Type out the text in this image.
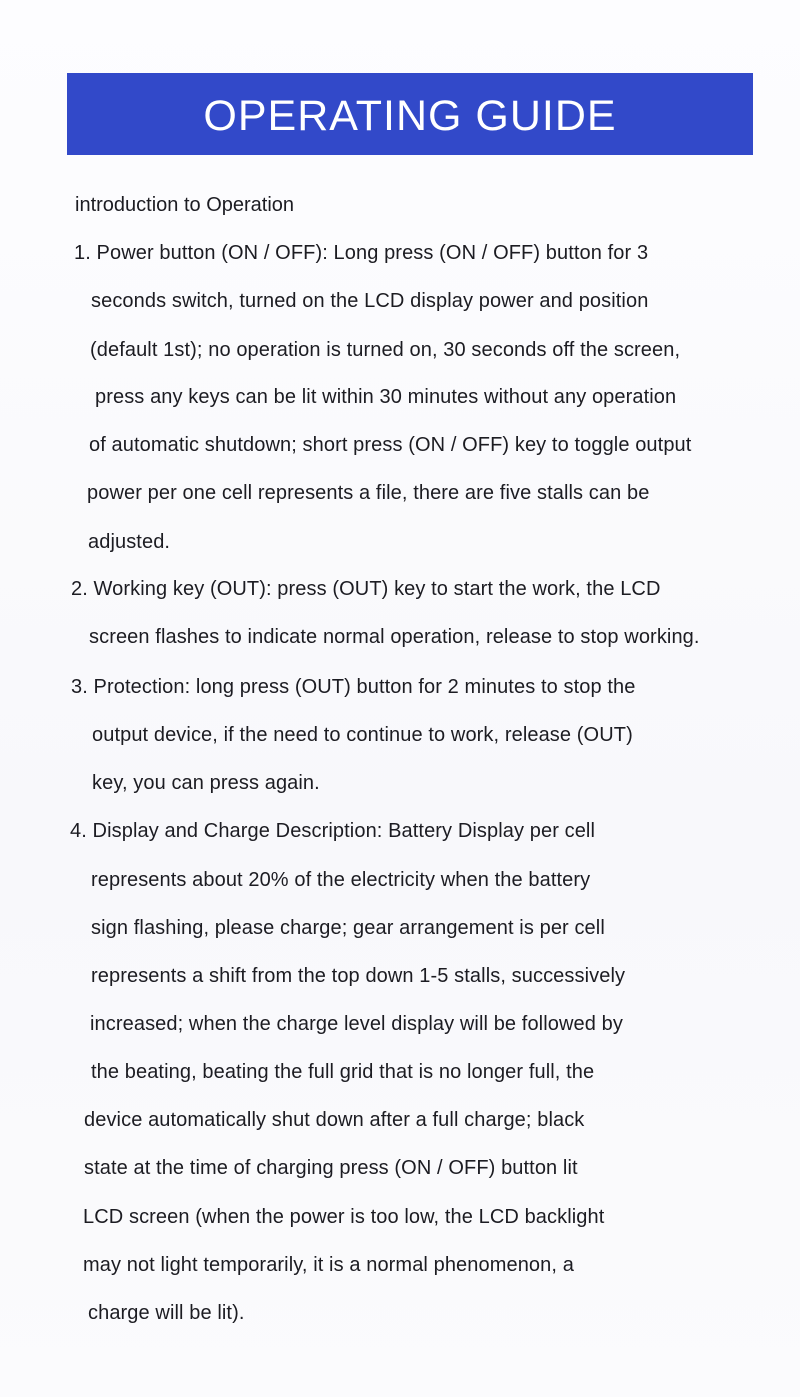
OPERATING GUIDE
introduction to Operation
1. Power button (ON / OFF): Long press (ON / OFF) button for 3
seconds switch, turned on the LCD display power and position
(default 1st); no operation is turned on, 30 seconds off the screen,
press any keys can be lit within 30 minutes without any operation
of automatic shutdown; short press (ON / OFF) key to toggle output
power per one cell represents a file, there are five stalls can be
adjusted.
2. Working key (OUT): press (OUT) key to start the work, the LCD
screen flashes to indicate normal operation, release to stop working.
3. Protection: long press (OUT) button for 2 minutes to stop the
output device, if the need to continue to work, release (OUT)
key, you can press again.
4. Display and Charge Description: Battery Display per cell
represents about 20% of the electricity when the battery
sign flashing, please charge; gear arrangement is per cell
represents a shift from the top down 1-5 stalls, successively
increased; when the charge level display will be followed by
the beating, beating the full grid that is no longer full, the
device automatically shut down after a full charge; black
state at the time of charging press (ON / OFF) button lit
LCD screen (when the power is too low, the LCD backlight
may not light temporarily, it is a normal phenomenon, a
charge will be lit).
